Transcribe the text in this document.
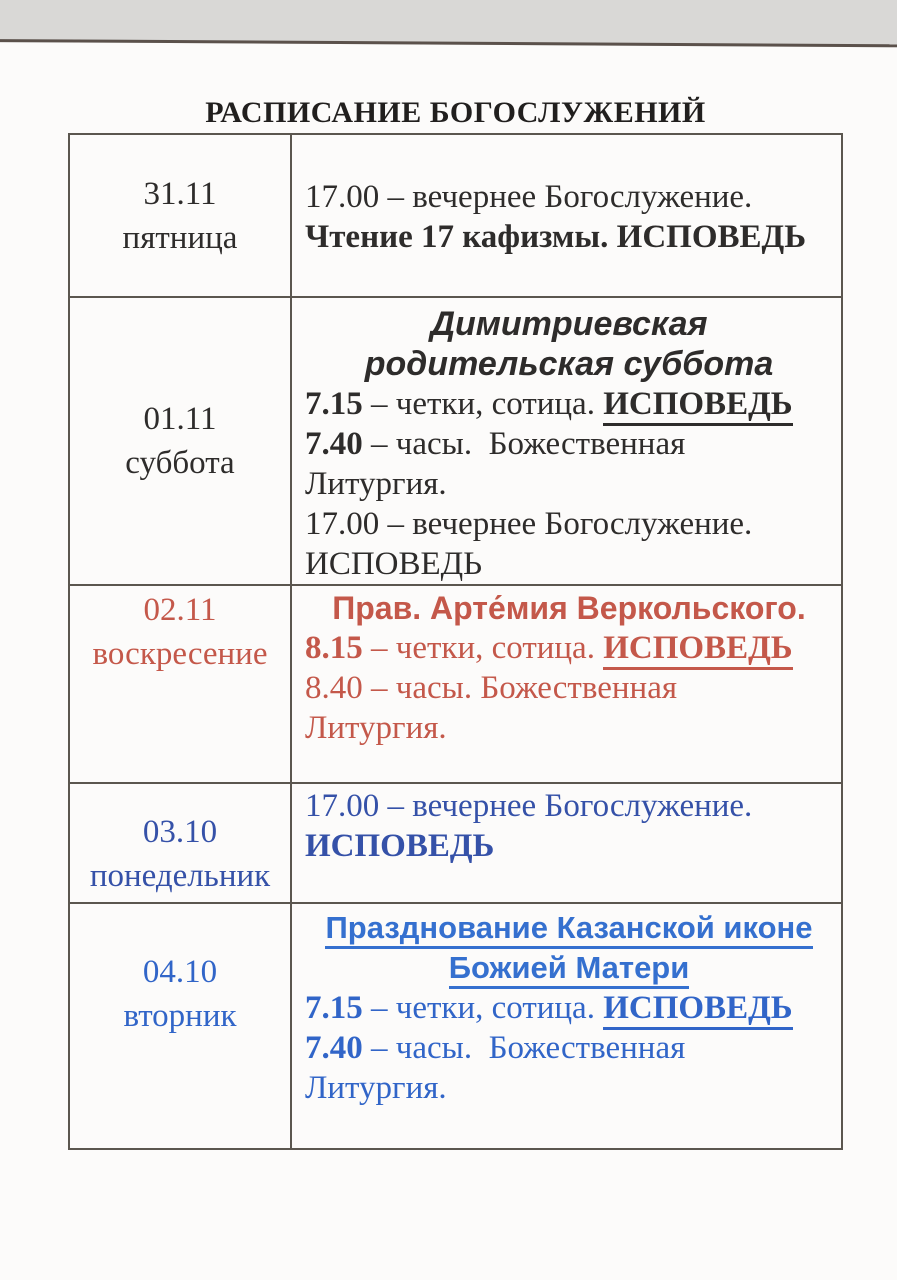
РАСПИСАНИЕ БОГОСЛУЖЕНИЙ
31.11
пятница
17.00 – вечернее Богослужение.
Чтение 17 кафизмы. ИСПОВЕДЬ
01.11
суббота
Димитриевская
родительская суббота
7.15 – четки, сотица. ИСПОВЕДЬ
7.40 – часы.  Божественная
Литургия.
17.00 – вечернее Богослужение.
ИСПОВЕДЬ
02.11
воскресение
Прав. Арте́мия Веркольского.
8.15 – четки, сотица. ИСПОВЕДЬ
8.40 – часы. Божественная
Литургия.
03.10
понедельник
17.00 – вечернее Богослужение.
ИСПОВЕДЬ
04.10
вторник
Празднование Казанской иконе
Божией Матери
7.15 – четки, сотица. ИСПОВЕДЬ
7.40 – часы.  Божественная
Литургия.
